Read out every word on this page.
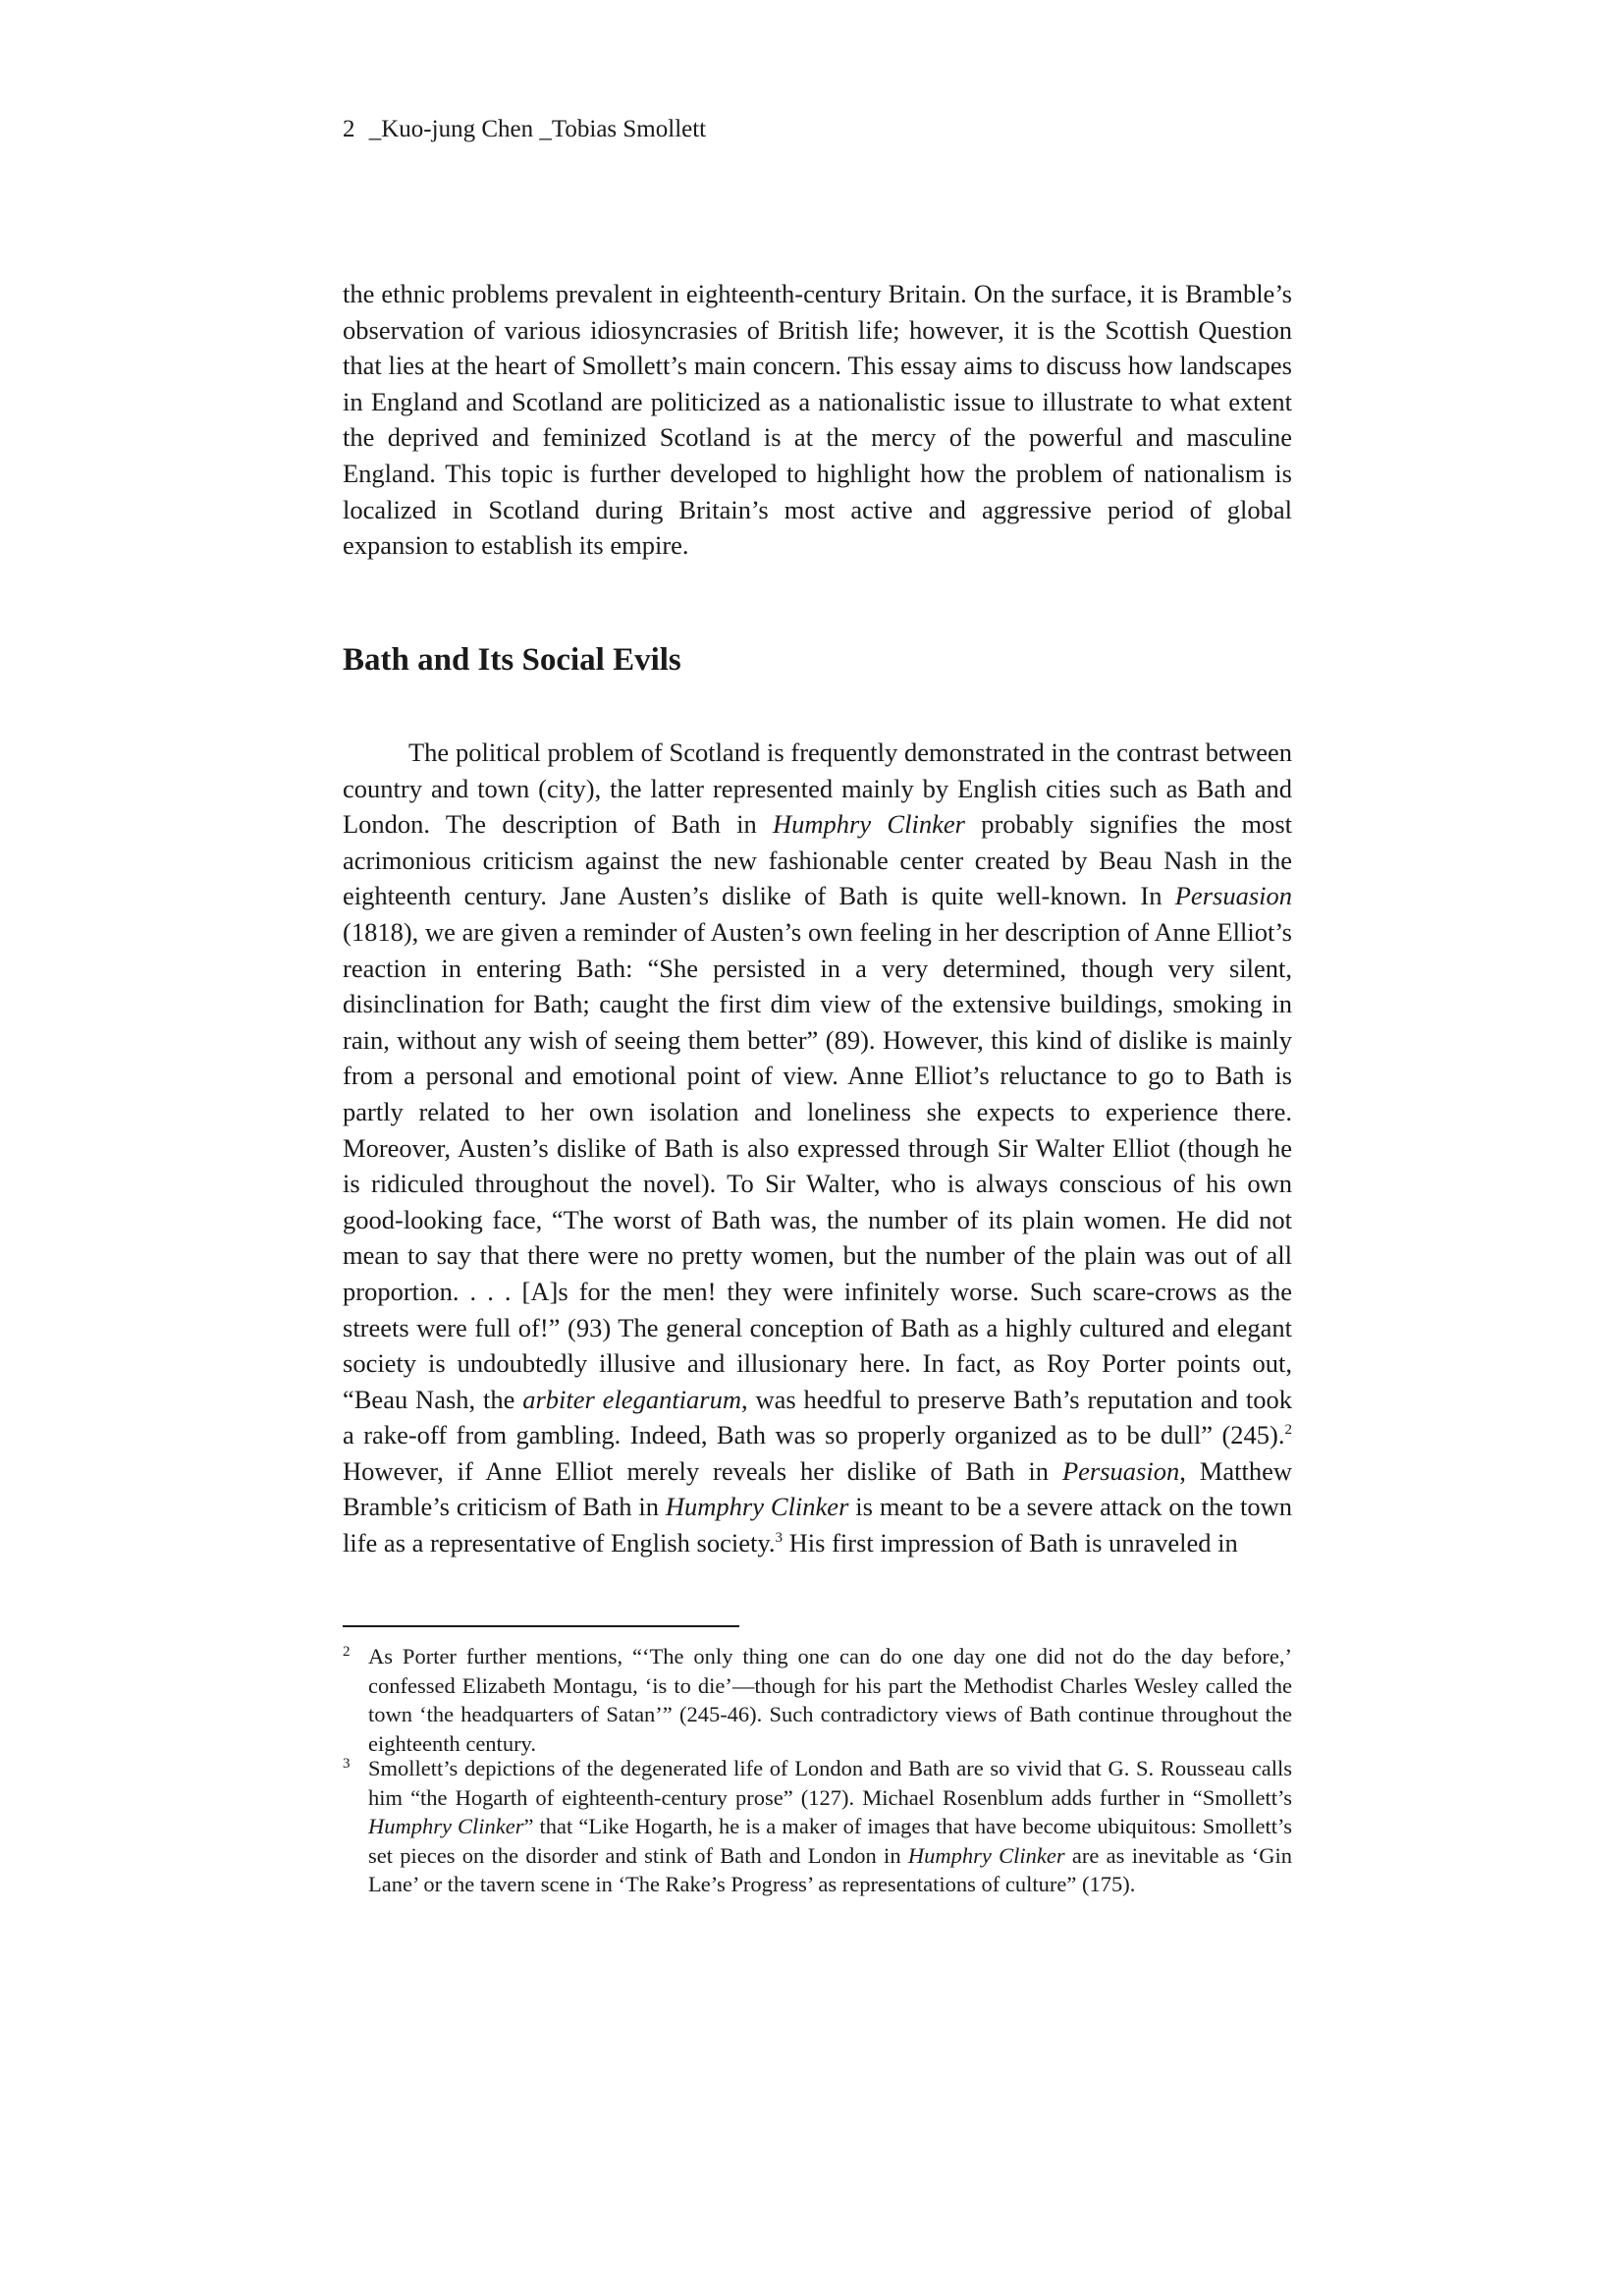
2 _Kuo-jung Chen _Tobias Smollett

the ethnic problems prevalent in eighteenth-century Britain. On the surface, it is Bramble’s observation of various idiosyncrasies of British life; however, it is the Scottish Question that lies at the heart of Smollett’s main concern. This essay aims to discuss how landscapes in England and Scotland are politicized as a nationalistic issue to illustrate to what extent the deprived and feminized Scotland is at the mercy of the powerful and masculine England. This topic is further developed to highlight how the problem of nationalism is localized in Scotland during Britain’s most active and aggressive period of global expansion to establish its empire.

Bath and Its Social Evils

The political problem of Scotland is frequently demonstrated in the contrast between country and town (city), the latter represented mainly by English cities such as Bath and London. The description of Bath in Humphry Clinker probably signifies the most acrimonious criticism against the new fashionable center created by Beau Nash in the eighteenth century. Jane Austen’s dislike of Bath is quite well-known. In Persuasion (1818), we are given a reminder of Austen’s own feeling in her description of Anne Elliot’s reaction in entering Bath: “She persisted in a very determined, though very silent, disinclination for Bath; caught the first dim view of the extensive buildings, smoking in rain, without any wish of seeing them better” (89). However, this kind of dislike is mainly from a personal and emotional point of view. Anne Elliot’s reluctance to go to Bath is partly related to her own isolation and loneliness she expects to experience there. Moreover, Austen’s dislike of Bath is also expressed through Sir Walter Elliot (though he is ridiculed throughout the novel). To Sir Walter, who is always conscious of his own good-looking face, “The worst of Bath was, the number of its plain women. He did not mean to say that there were no pretty women, but the number of the plain was out of all proportion. . . . [A]s for the men! they were infinitely worse. Such scare-crows as the streets were full of!” (93) The general conception of Bath as a highly cultured and elegant society is undoubtedly illusive and illusionary here. In fact, as Roy Porter points out, “Beau Nash, the arbiter elegantiarum, was heedful to preserve Bath’s reputation and took a rake-off from gambling. Indeed, Bath was so properly organized as to be dull” (245).$^2$ However, if Anne Elliot merely reveals her dislike of Bath in Persuasion, Matthew Bramble’s criticism of Bath in Humphry Clinker is meant to be a severe attack on the town life as a representative of English society.$^3$ His first impression of Bath is unraveled in

2 As Porter further mentions, “‘The only thing one can do one day one did not do the day before,’ confessed Elizabeth Montagu, ‘is to die’—though for his part the Methodist Charles Wesley called the town ‘the headquarters of Satan’” (245-46). Such contradictory views of Bath continue throughout the eighteenth century.

3 Smollett’s depictions of the degenerated life of London and Bath are so vivid that G. S. Rousseau calls him “the Hogarth of eighteenth-century prose” (127). Michael Rosenblum adds further in “Smollett’s Humphry Clinker” that “Like Hogarth, he is a maker of images that have become ubiquitous: Smollett’s set pieces on the disorder and stink of Bath and London in Humphry Clinker are as inevitable as ‘Gin Lane’ or the tavern scene in ‘The Rake’s Progress’ as representations of culture” (175).
